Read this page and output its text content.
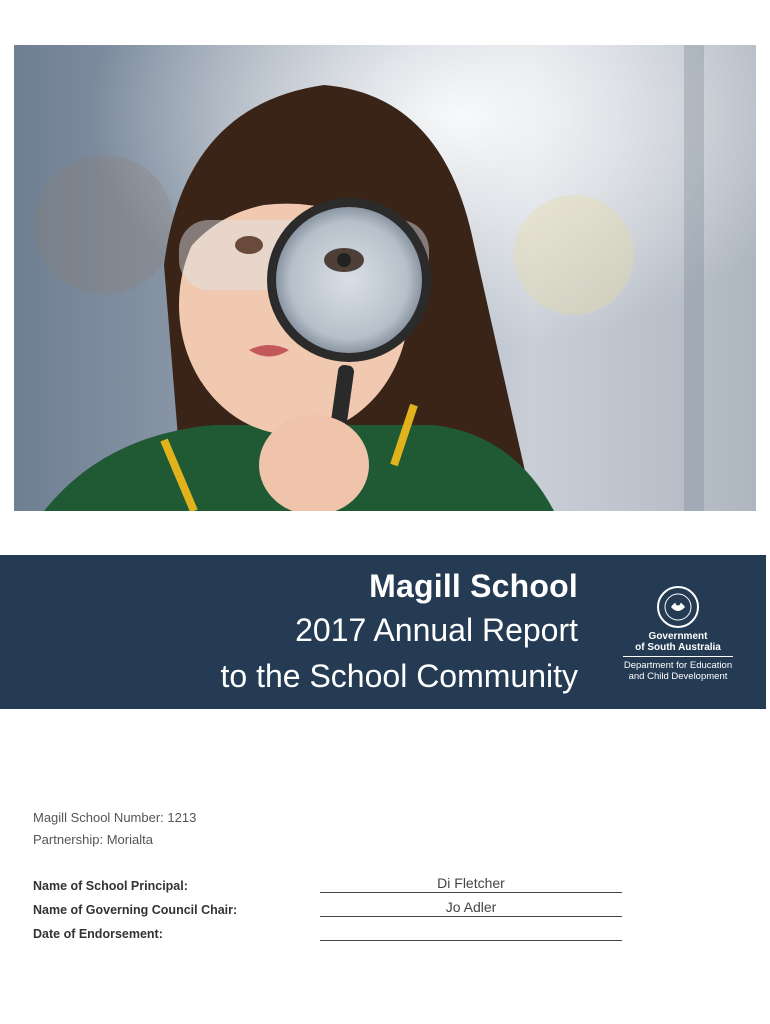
Magill School
2017 Annual Report
to the School Community
Government
of South Australia
Department for Education
and Child Development
Magill School Number: 1213
Partnership: Morialta
Name of School Principal:
Name of Governing Council Chair:
Date of Endorsement:
Di Fletcher
Jo Adler
